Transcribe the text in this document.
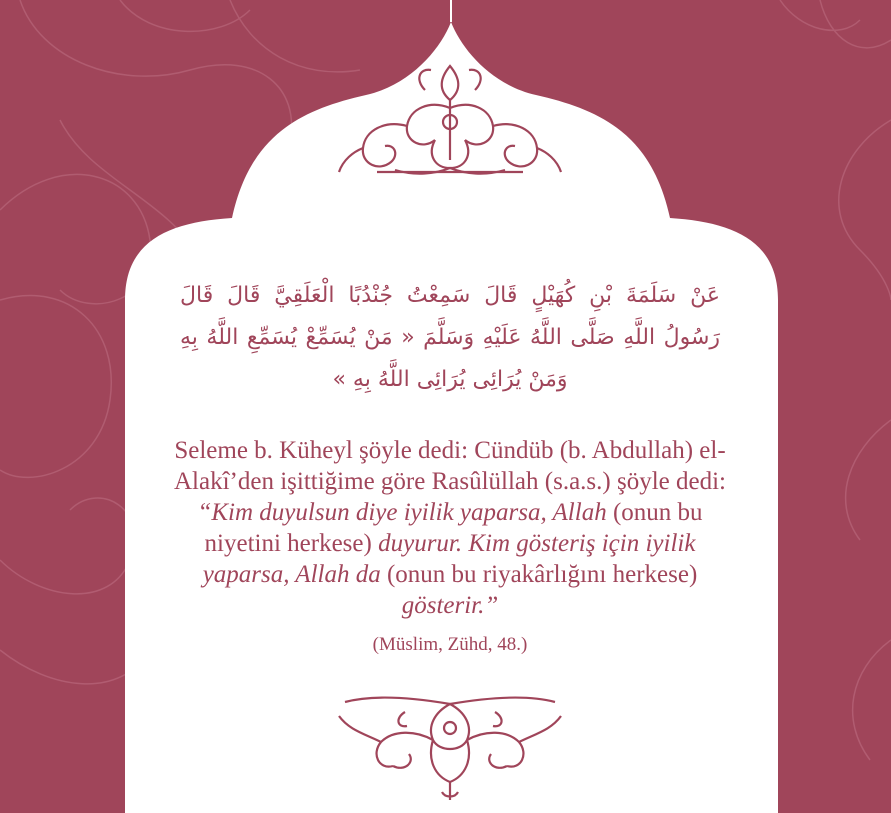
عَنْ سَلَمَةَ بْنِ كُهَيْلٍ قَالَ سَمِعْتُ جُنْدُبًا الْعَلَقِيَّ قَالَ قَالَ رَسُولُ اللَّهِ صَلَّى اللَّهُ عَلَيْهِ وَسَلَّمَ « مَنْ يُسَمِّعْ يُسَمِّعِ اللَّهُ بِهِ وَمَنْ يُرَائِى يُرَائِى اللَّهُ بِهِ »

Seleme b. Küheyl şöyle dedi: Cündüb (b. Abdullah) el-Alakî’den işittiğime göre Rasûlüllah (s.a.s.) şöyle dedi:
“Kim duyulsun diye iyilik yaparsa, Allah (onun bu niyetini herkese) duyurur. Kim gösteriş için iyilik yaparsa, Allah da (onun bu riyakârlığını herkese) gösterir.”

(Müslim, Zühd, 48.)
